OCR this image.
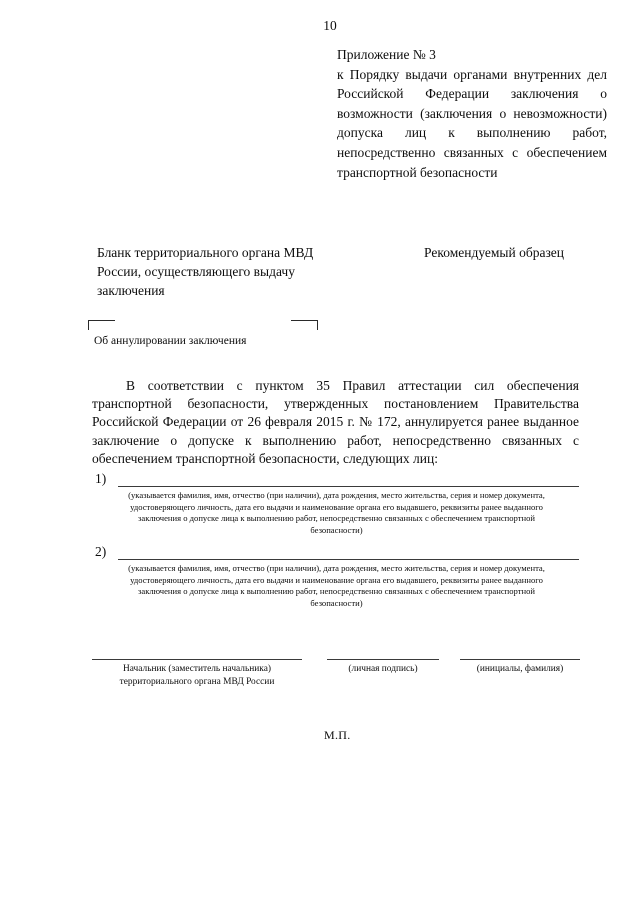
10
Приложение № 3
к Порядку выдачи органами внутренних дел Российской Федерации заключения о возможности (заключения о невозможности) допуска лиц к выполнению работ, непосредственно связанных с обеспечением транспортной безопасности
Бланк территориального органа МВД России, осуществляющего выдачу заключения
Рекомендуемый образец
Об аннулировании заключения
В соответствии с пунктом 35 Правил аттестации сил обеспечения транспортной безопасности, утвержденных постановлением Правительства Российской Федерации от 26 февраля 2015 г. № 172, аннулируется ранее выданное заключение о допуске к выполнению работ, непосредственно связанных с обеспечением транспортной безопасности, следующих лиц:
1)
(указывается фамилия, имя, отчество (при наличии), дата рождения, место жительства, серия и номер документа, удостоверяющего личность, дата его выдачи и наименование органа его выдавшего, реквизиты ранее выданного заключения о допуске лица к выполнению работ, непосредственно связанных с обеспечением транспортной безопасности)
2)
(указывается фамилия, имя, отчество (при наличии), дата рождения, место жительства, серия и номер документа, удостоверяющего личность, дата его выдачи и наименование органа его выдавшего, реквизиты ранее выданного заключения о допуске лица к выполнению работ, непосредственно связанных с обеспечением транспортной безопасности)
Начальник (заместитель начальника) территориального органа МВД России
(личная подпись)	(инициалы, фамилия)
М.П.
